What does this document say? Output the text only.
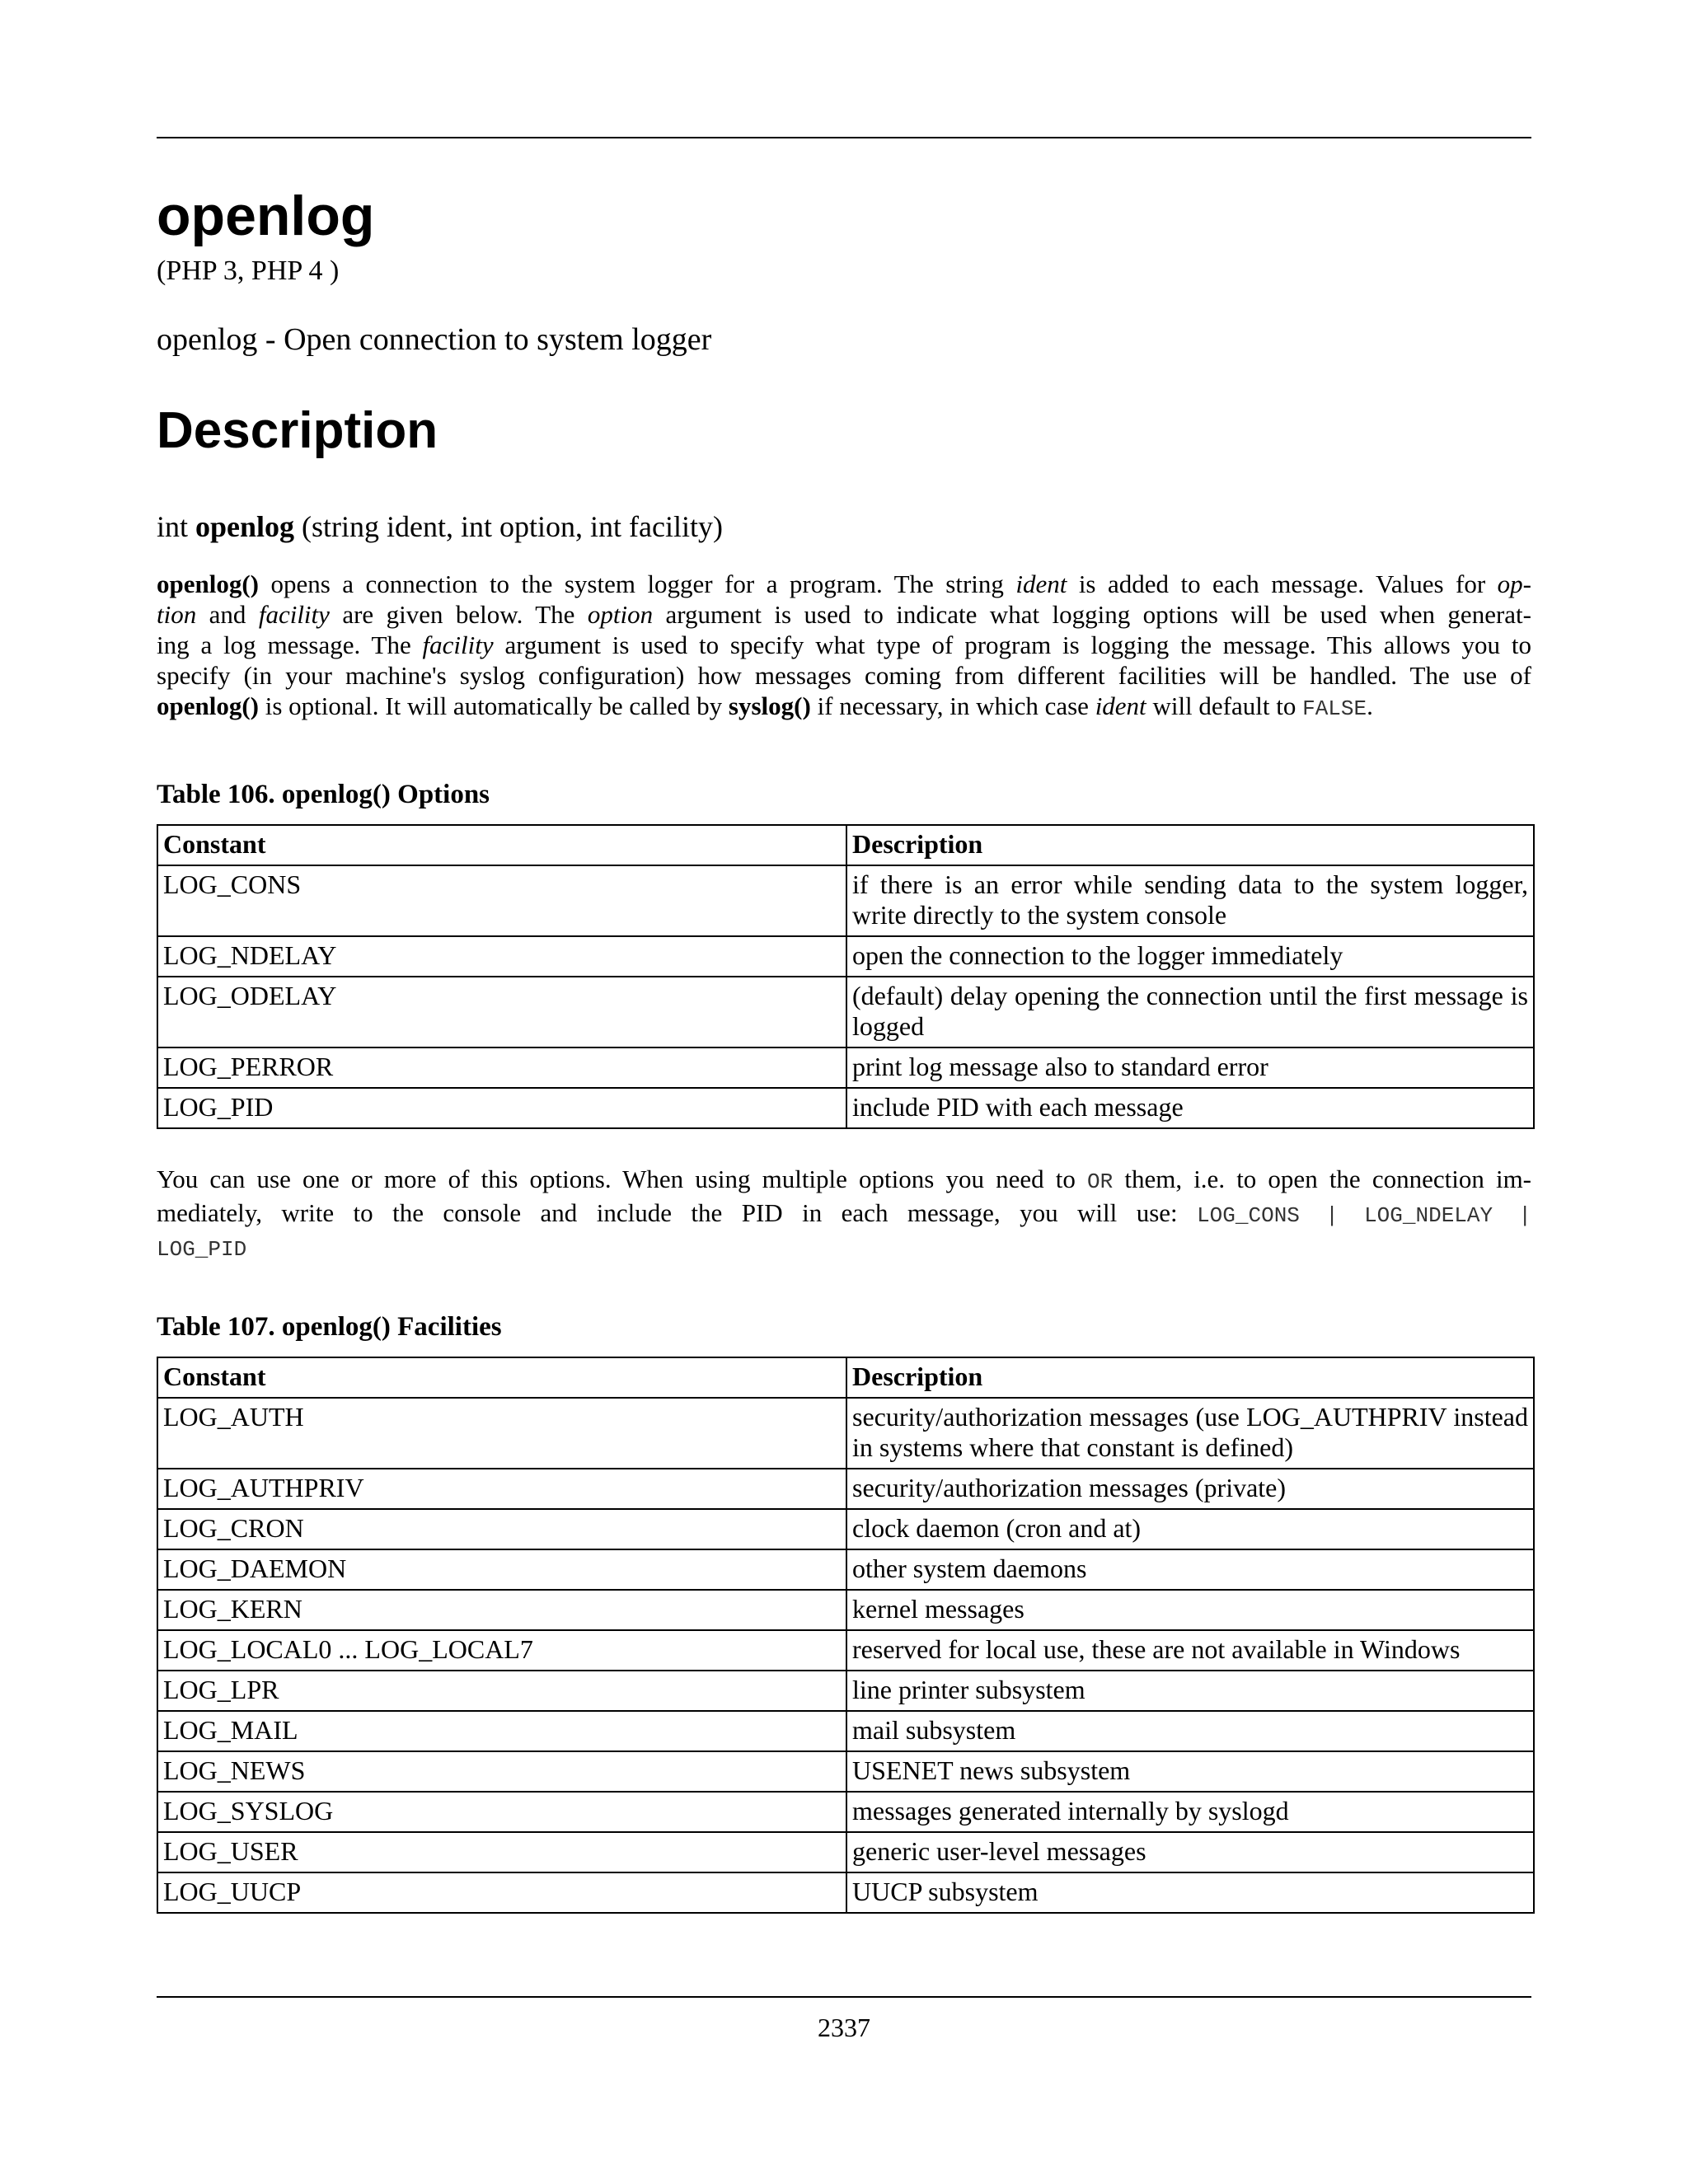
openlog
(PHP 3, PHP 4 )
openlog - Open connection to system logger
Description
int openlog (string ident, int option, int facility)
openlog() opens a connection to the system logger for a program. The string ident is added to each message. Values for op-
tion and facility are given below. The option argument is used to indicate what logging options will be used when generat-
ing a log message. The facility argument is used to specify what type of program is logging the message. This allows you to
specify (in your machine's syslog configuration) how messages coming from different facilities will be handled. The use of
openlog() is optional. It will automatically be called by syslog() if necessary, in which case ident will default to FALSE.
Table 106. openlog() Options
Constant	Description
LOG_CONS	if there is an error while sending data to the system logger, write directly to the system console
LOG_NDELAY	open the connection to the logger immediately
LOG_ODELAY	(default) delay opening the connection until the first message is logged
LOG_PERROR	print log message also to standard error
LOG_PID	include PID with each message
You can use one or more of this options. When using multiple options you need to OR them, i.e. to open the connection im-
mediately, write to the console and include the PID in each message, you will use: LOG_CONS | LOG_NDELAY |
LOG_PID
Table 107. openlog() Facilities
Constant	Description
LOG_AUTH	security/authorization messages (use LOG_AUTHPRIV instead in systems where that constant is defined)
LOG_AUTHPRIV	security/authorization messages (private)
LOG_CRON	clock daemon (cron and at)
LOG_DAEMON	other system daemons
LOG_KERN	kernel messages
LOG_LOCAL0 ... LOG_LOCAL7	reserved for local use, these are not available in Windows
LOG_LPR	line printer subsystem
LOG_MAIL	mail subsystem
LOG_NEWS	USENET news subsystem
LOG_SYSLOG	messages generated internally by syslogd
LOG_USER	generic user-level messages
LOG_UUCP	UUCP subsystem
2337
